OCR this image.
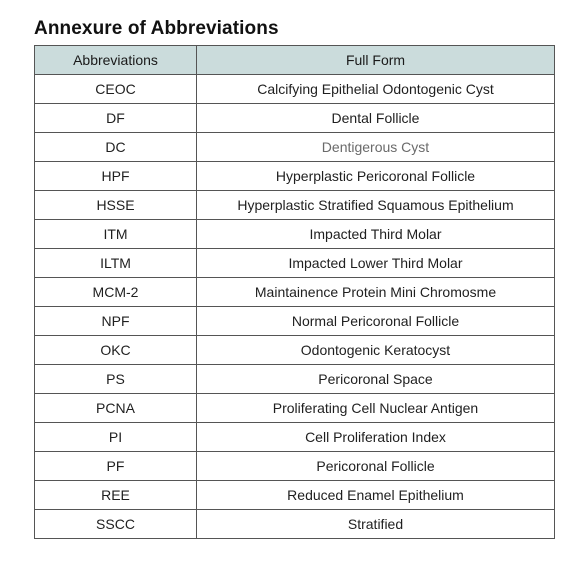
Annexure of Abbreviations
Abbreviations	Full Form
CEOC	Calcifying Epithelial Odontogenic Cyst
DF	Dental Follicle
DC	Dentigerous Cyst
HPF	Hyperplastic Pericoronal Follicle
HSSE	Hyperplastic Stratified Squamous Epithelium
ITM	Impacted Third Molar
ILTM	Impacted Lower Third Molar
MCM-2	Maintainence Protein Mini Chromosme
NPF	Normal Pericoronal Follicle
OKC	Odontogenic Keratocyst
PS	Pericoronal Space
PCNA	Proliferating Cell Nuclear Antigen
PI	Cell Proliferation Index
PF	Pericoronal Follicle
REE	Reduced Enamel Epithelium
SSCC	Stratified
